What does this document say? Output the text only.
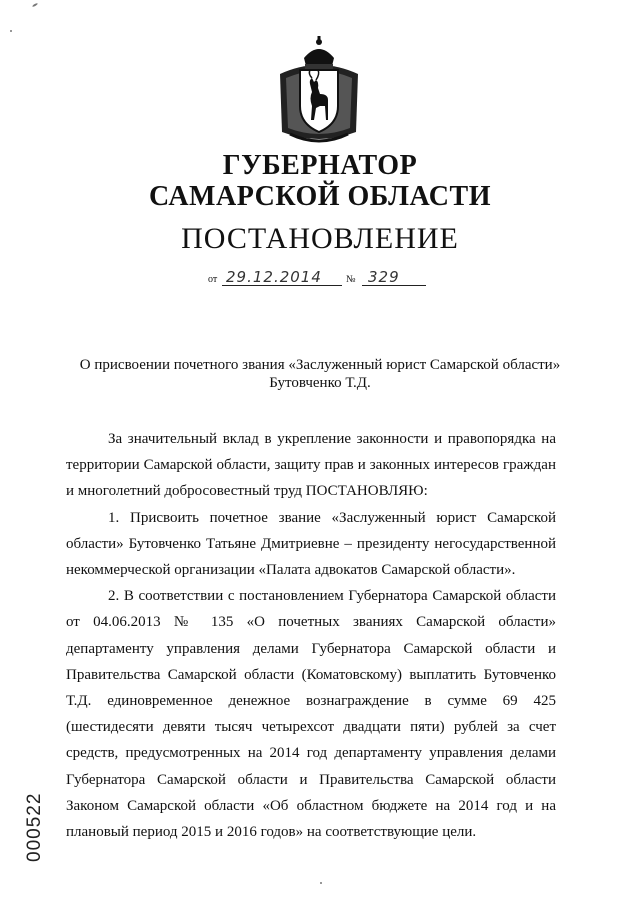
ГУБЕРНАТОР
САМАРСКОЙ ОБЛАСТИ
ПОСТАНОВЛЕНИЕ
от 29.12.2014 № 329
О присвоении почетного звания «Заслуженный юрист Самарской области»
Бутовченко Т.Д.

За значительный вклад в укрепление законности и правопорядка на территории Самарской области, защиту прав и законных интересов граждан и многолетний добросовестный труд ПОСТАНОВЛЯЮ:

1. Присвоить почетное звание «Заслуженный юрист Самарской области» Бутовченко Татьяне Дмитриевне – президенту негосударственной некоммерческой организации «Палата адвокатов Самарской области».

2. В соответствии с постановлением Губернатора Самарской области от 04.06.2013 № 135 «О почетных званиях Самарской области» департаменту управления делами Губернатора Самарской области и Правительства Самарской области (Коматовскому) выплатить Бутовченко Т.Д. единовременное денежное вознаграждение в сумме 69 425 (шестидесяти девяти тысяч четырехсот двадцати пяти) рублей за счет средств, предусмотренных на 2014 год департаменту управления делами Губернатора Самарской области и Правительства Самарской области Законом Самарской области «Об областном бюджете на 2014 год и на плановый период 2015 и 2016 годов» на соответствующие цели.

000522
